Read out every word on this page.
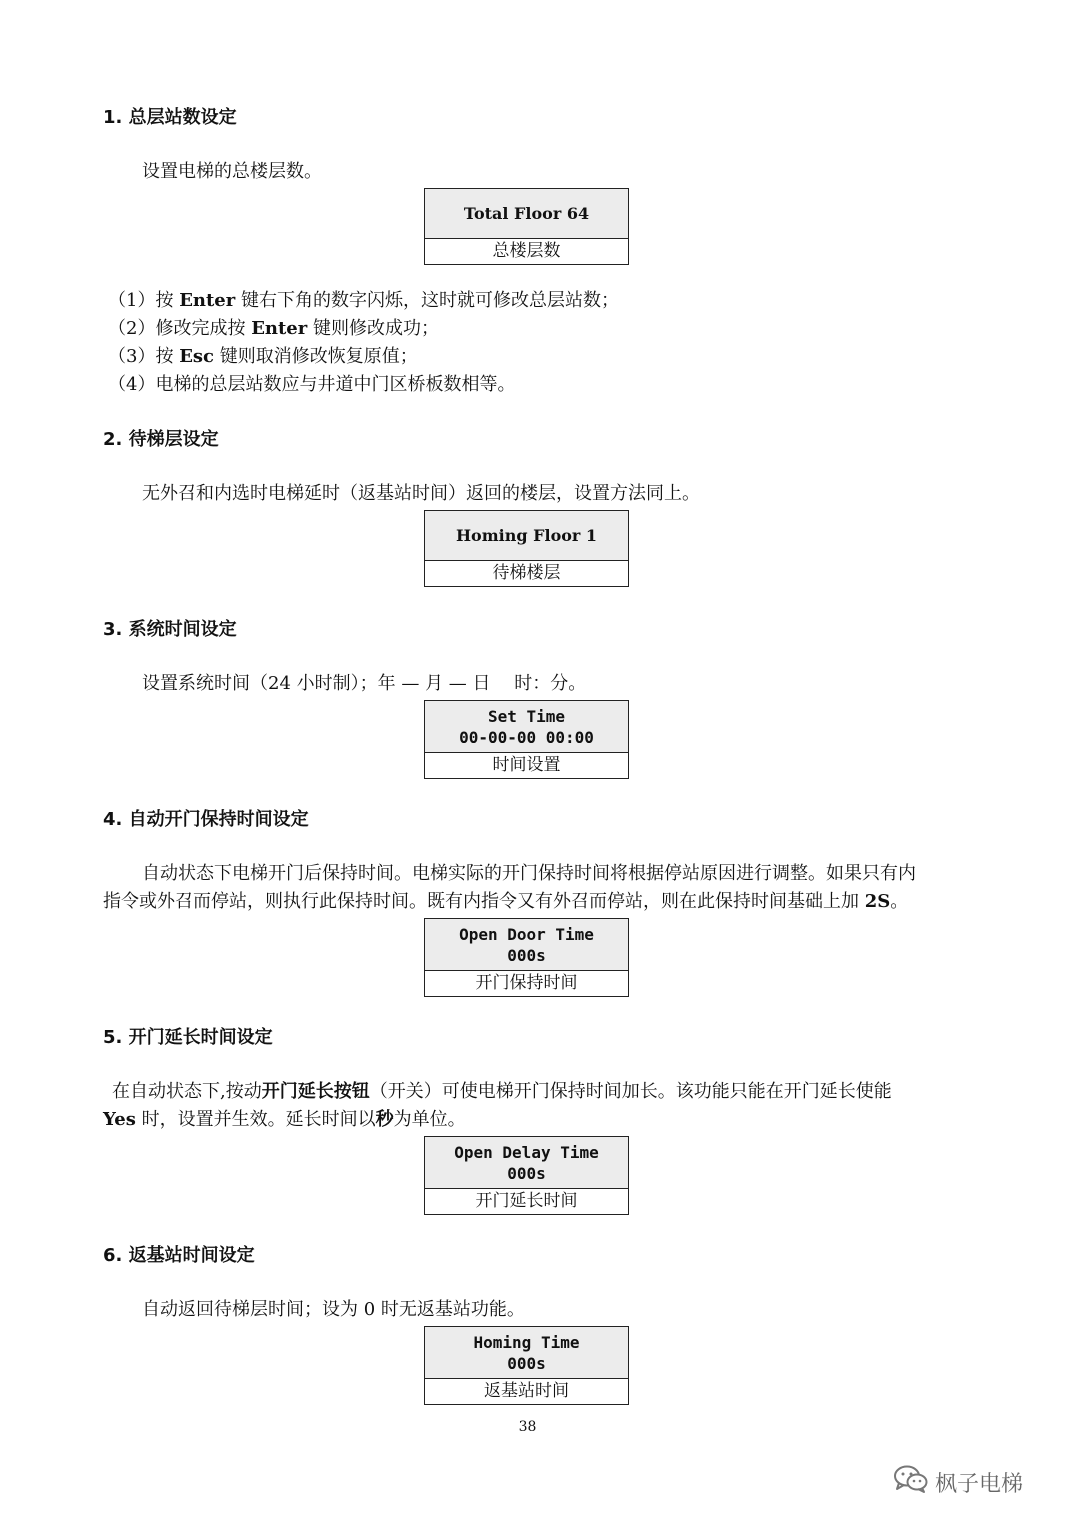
1. 总层站数设定
设置电梯的总楼层数。
Total Floor 64
总楼层数
（1）按 Enter 键右下角的数字闪烁，这时就可修改总层站数；
（2）修改完成按 Enter 键则修改成功；
（3）按 Esc 键则取消修改恢复原值；
（4）电梯的总层站数应与井道中门区桥板数相等。
2. 待梯层设定
无外召和内选时电梯延时（返基站时间）返回的楼层，设置方法同上。
Homing Floor 1
待梯楼层
3. 系统时间设定
设置系统时间（24 小时制）；年 — 月 — 日　 时：分。
Set Time
00-00-00 00:00
时间设置
4. 自动开门保持时间设定
自动状态下电梯开门后保持时间。电梯实际的开门保持时间将根据停站原因进行调整。如果只有内
指令或外召而停站，则执行此保持时间。既有内指令又有外召而停站，则在此保持时间基础上加 2S。
Open Door Time
000s
开门保持时间
5. 开门延长时间设定
在自动状态下,按动开门延长按钮（开关）可使电梯开门保持时间加长。该功能只能在开门延长使能
Yes 时，设置并生效。延长时间以秒为单位。
Open Delay Time
000s
开门延长时间
6. 返基站时间设定
自动返回待梯层时间；设为 0 时无返基站功能。
Homing Time
000s
返基站时间
38
枫子电梯
